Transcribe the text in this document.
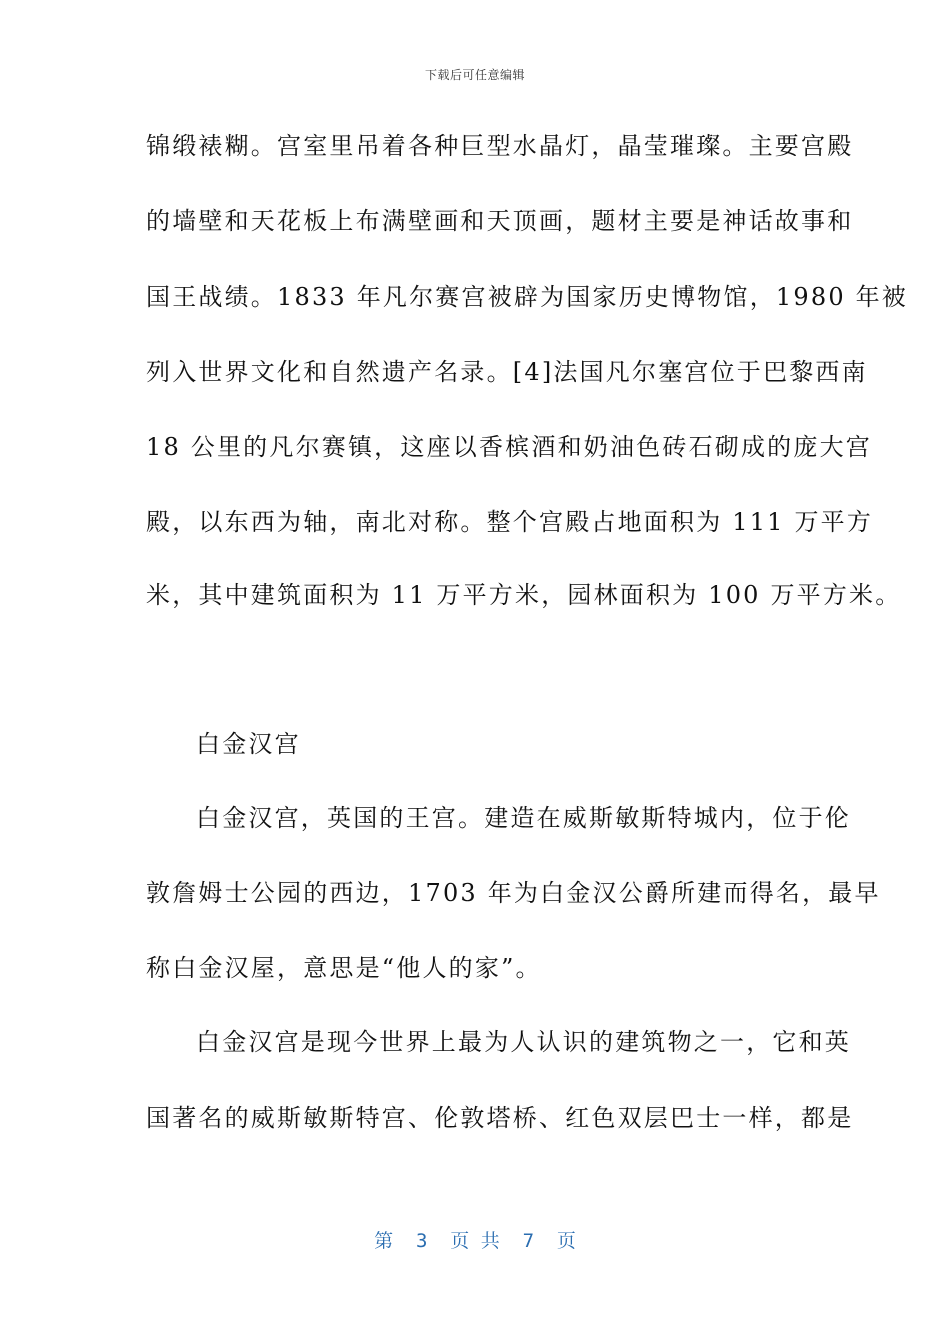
下载后可任意编辑
锦缎裱糊。宫室里吊着各种巨型水晶灯，晶莹璀璨。主要宫殿
的墙壁和天花板上布满壁画和天顶画，题材主要是神话故事和
国王战绩。1833 年凡尔赛宫被辟为国家历史博物馆，1980 年被
列入世界文化和自然遗产名录。[4]法国凡尔塞宫位于巴黎西南
18 公里的凡尔赛镇，这座以香槟酒和奶油色砖石砌成的庞大宫
殿，以东西为轴，南北对称。整个宫殿占地面积为 111 万平方
米，其中建筑面积为 11 万平方米，园林面积为 100 万平方米。
白金汉宫
白金汉宫，英国的王宫。建造在威斯敏斯特城内，位于伦
敦詹姆士公园的西边，1703 年为白金汉公爵所建而得名，最早
称白金汉屋，意思是“他人的家”。
白金汉宫是现今世界上最为人认识的建筑物之一，它和英
国著名的威斯敏斯特宫、伦敦塔桥、红色双层巴士一样，都是
第  3  页 共  7  页
